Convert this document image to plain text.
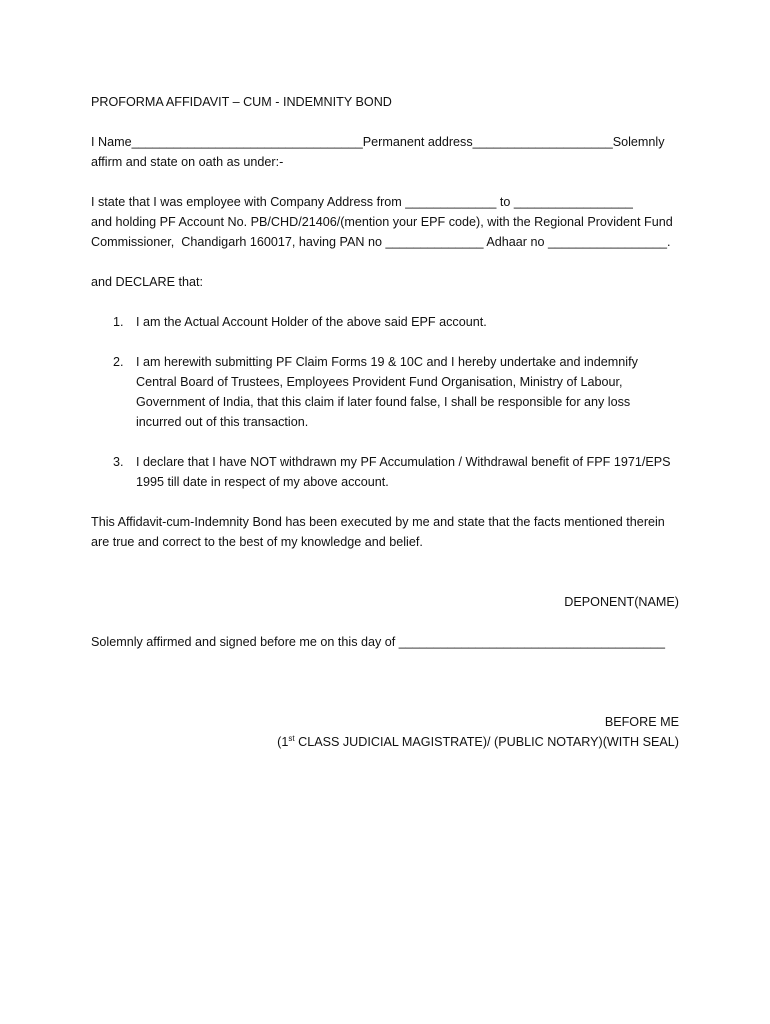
PROFORMA AFFIDAVIT – CUM - INDEMNITY BOND
I Name_________________________________Permanent address____________________Solemnly
affirm and state on oath as under:-
I state that I was employee with Company Address from _____________ to _________________
and holding PF Account No. PB/CHD/21406/(mention your EPF code), with the Regional Provident Fund
Commissioner,  Chandigarh 160017, having PAN no ______________ Adhaar no _________________.
and DECLARE that:
1. I am the Actual Account Holder of the above said EPF account.
2. I am herewith submitting PF Claim Forms 19 & 10C and I hereby undertake and indemnify
Central Board of Trustees, Employees Provident Fund Organisation, Ministry of Labour,
Government of India, that this claim if later found false, I shall be responsible for any loss
incurred out of this transaction.
3. I declare that I have NOT withdrawn my PF Accumulation / Withdrawal benefit of FPF 1971/EPS
1995 till date in respect of my above account.
This Affidavit-cum-Indemnity Bond has been executed by me and state that the facts mentioned therein
are true and correct to the best of my knowledge and belief.
DEPONENT(NAME)
Solemnly affirmed and signed before me on this day of ______________________________________
BEFORE ME
(1st CLASS JUDICIAL MAGISTRATE)/ (PUBLIC NOTARY)(WITH SEAL)
